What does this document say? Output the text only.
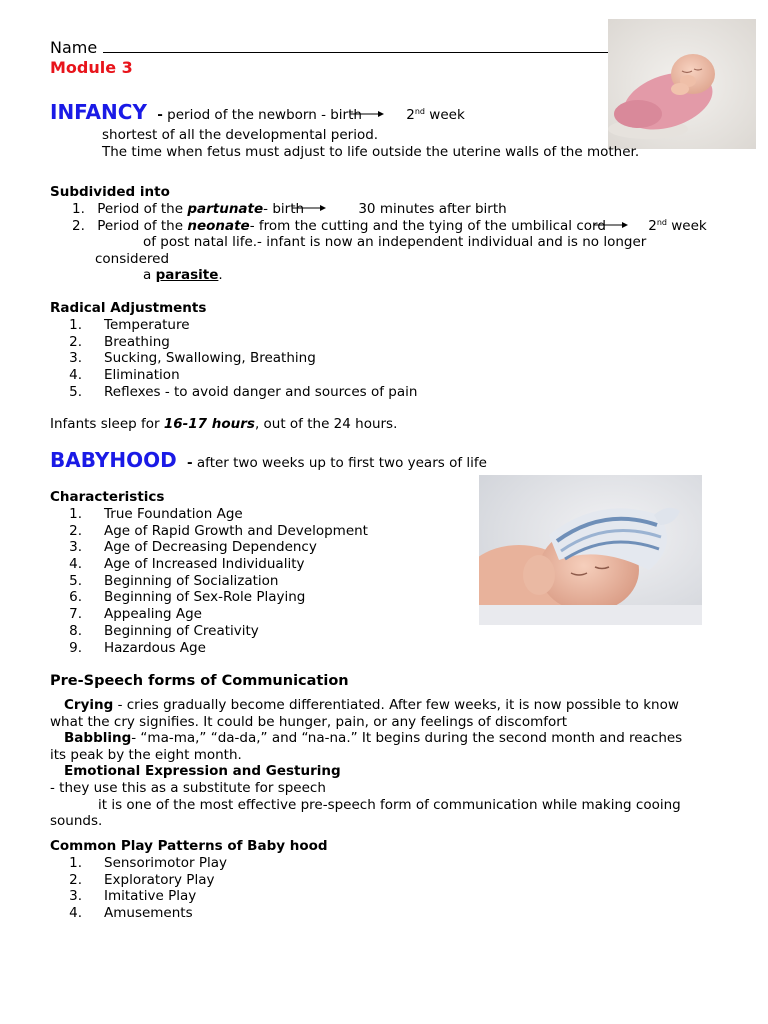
Name
Module 3
INFANCY - period of the newborn - birth	2nd week
shortest of all the developmental period.
The time when fetus must adjust to life outside the uterine walls of the mother.
Subdivided into
1. Period of the partunate- birth	30 minutes after birth
2. Period of the neonate- from the cutting and the tying of the umbilical cord	2nd week
of post natal life.- infant is now an independent individual and is no longer
considered
a parasite.
Radical Adjustments
1. Temperature
2. Breathing
3. Sucking, Swallowing, Breathing
4. Elimination
5. Reflexes - to avoid danger and sources of pain
Infants sleep for 16-17 hours, out of the 24 hours.
BABYHOOD - after two weeks up to first two years of life
Characteristics
1. True Foundation Age
2. Age of Rapid Growth and Development
3. Age of Decreasing Dependency
4. Age of Increased Individuality
5. Beginning of Socialization
6. Beginning of Sex-Role Playing
7. Appealing Age
8. Beginning of Creativity
9. Hazardous Age
Pre-Speech forms of Communication
Crying - cries gradually become differentiated. After few weeks, it is now possible to know
what the cry signifies. It could be hunger, pain, or any feelings of discomfort
Babbling- “ma-ma,” “da-da,” and “na-na.” It begins during the second month and reaches
its peak by the eight month.
Emotional Expression and Gesturing
- they use this as a substitute for speech
it is one of the most effective pre-speech form of communication while making cooing
sounds.
Common Play Patterns of Baby hood
1. Sensorimotor Play
2. Exploratory Play
3. Imitative Play
4. Amusements
